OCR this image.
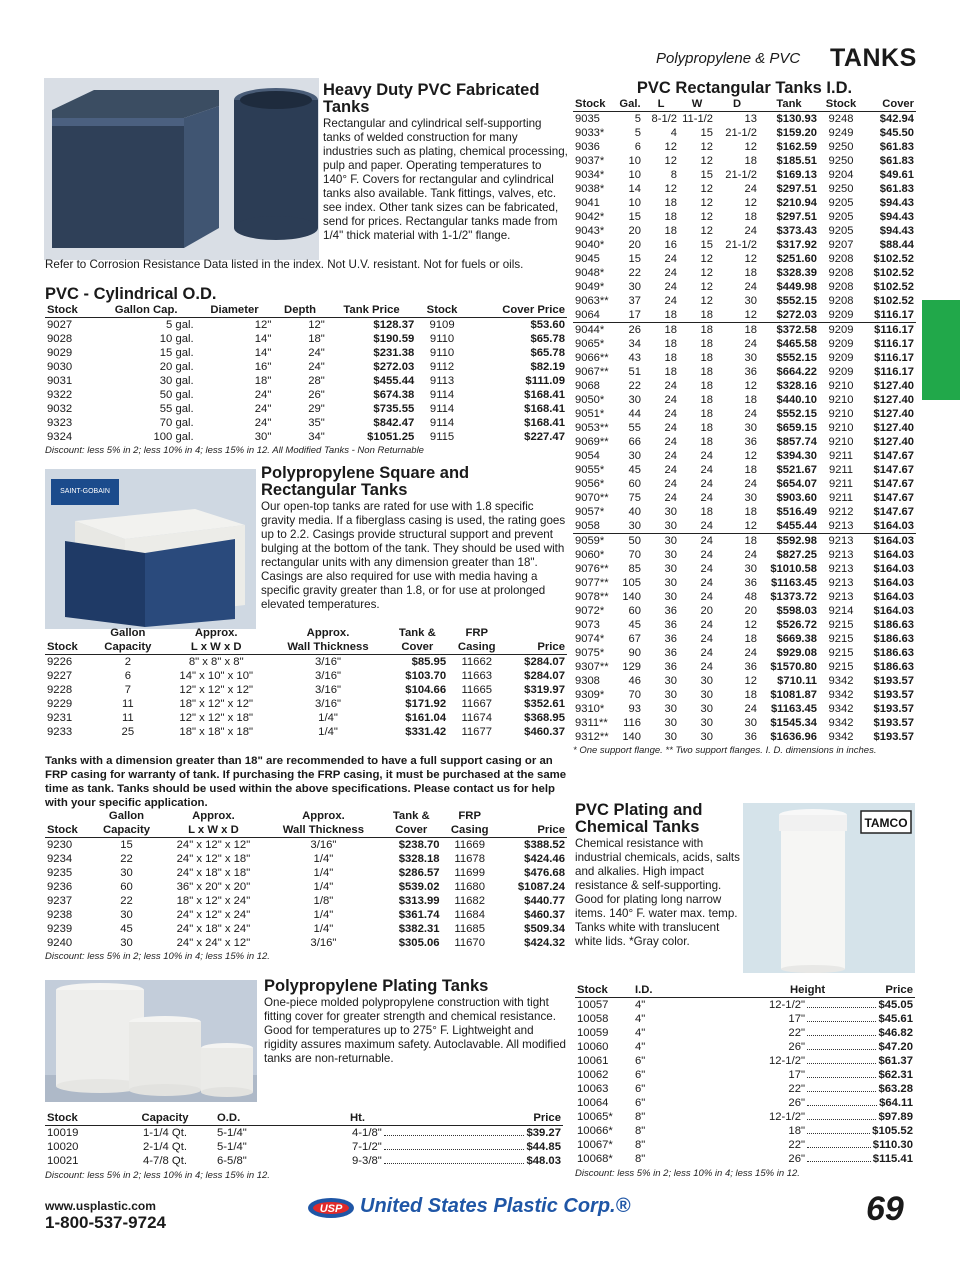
Polypropylene & PVC TANKS
Heavy Duty PVC Fabricated Tanks
Rectangular and cylindrical self-supporting tanks of welded construction for many industries such as plating, chemical processing, pulp and paper. Operating temperatures to 140° F. Covers for rectangular and cylindrical tanks also available. Tank fittings, valves, etc. see index. Other tank sizes can be fabricated, send for prices. Rectangular tanks made from 1/4" thick material with 1-1/2" flange.
Refer to Corrosion Resistance Data listed in the index. Not U.V. resistant. Not for fuels or oils.
PVC - Cylindrical O.D.
Stock	Gallon Cap.	Diameter	Depth	Tank Price	Stock	Cover Price
9027	5 gal.	12"	12"	$128.37	9109	$53.60
9028	10 gal.	14"	18"	$190.59	9110	$65.78
9029	15 gal.	14"	24"	$231.38	9110	$65.78
9030	20 gal.	16"	24"	$272.03	9112	$82.19
9031	30 gal.	18"	28"	$455.44	9113	$111.09
9322	50 gal.	24"	26"	$674.38	9114	$168.41
9032	55 gal.	24"	29"	$735.55	9114	$168.41
9323	70 gal.	24"	35"	$842.47	9114	$168.41
9324	100 gal.	30"	34"	$1051.25	9115	$227.47
Discount: less 5% in 2; less 10% in 4; less 15% in 12. All Modified Tanks - Non Returnable
SAINT-GOBAIN
Polypropylene Square and Rectangular Tanks
Our open-top tanks are rated for use with 1.8 specific gravity media. If a fiberglass casing is used, the rating goes up to 2.2. Casings provide structural support and prevent bulging at the bottom of the tank. They should be used with rectangular units with any dimension greater than 18". Casings are also required for use with media having a specific gravity greater than 1.8, or for use at prolonged elevated temperatures.
	Gallon	Approx.	Approx.	Tank &	FRP	
Stock	Capacity	L x W x D	Wall Thickness	Cover	Casing	Price
9226	2	8" x 8" x 8"	3/16"	$85.95	11662	$284.07
9227	6	14" x 10" x 10"	3/16"	$103.70	11663	$284.07
9228	7	12" x 12" x 12"	3/16"	$104.66	11665	$319.97
9229	11	18" x 12" x 12"	3/16"	$171.92	11667	$352.61
9231	11	12" x 12" x 18"	1/4"	$161.04	11674	$368.95
9233	25	18" x 18" x 18"	1/4"	$331.42	11677	$460.37
Tanks with a dimension greater than 18" are recommended to have a full support casing or an FRP casing for warranty of tank. If purchasing the FRP casing, it must be purchased at the same time as tank. Tanks should be used within the above specifications. Please contact us for help with your specific application.
	Gallon	Approx.	Approx.	Tank &	FRP	
Stock	Capacity	L x W x D	Wall Thickness	Cover	Casing	Price
9230	15	24" x 12" x 12"	3/16"	$238.70	11669	$388.52
9234	22	24" x 12" x 18"	1/4"	$328.18	11678	$424.46
9235	30	24" x 18" x 18"	1/4"	$286.57	11699	$476.68
9236	60	36" x 20" x 20"	1/4"	$539.02	11680	$1087.24
9237	22	18" x 12" x 24"	1/8"	$313.99	11682	$440.77
9238	30	24" x 12" x 24"	1/4"	$361.74	11684	$460.37
9239	45	24" x 18" x 24"	1/4"	$382.31	11685	$509.34
9240	30	24" x 24" x 12"	3/16"	$305.06	11670	$424.32
Discount: less 5% in 2; less 10% in 4; less 15% in 12.
Polypropylene Plating Tanks
One-piece molded polypropylene construction with tight fitting cover for greater strength and chemical resistance. Good for temperatures up to 275° F. Lightweight and rigidity assures maximum safety. Autoclavable. All modified tanks are non-returnable.
Stock	Capacity	O.D.	Ht.	Price
10019	1-1/4 Qt.	5-1/4"	4-1/8" $39.27	

10020	2-1/4 Qt.	5-1/4"	7-1/2" $44.85	

10021	4-7/8 Qt.	6-5/8"	9-3/8" $48.03	
Discount: less 5% in 2; less 10% in 4; less 15% in 12.
PVC Rectangular Tanks I.D.
Stock	Gal.	L	W	D	Tank	Stock	Cover
9035	5	8-1/2	11-1/2	13	$130.93	9248	$42.94
9033*	5	4	15	21-1/2	$159.20	9249	$45.50
9036	6	12	12	12	$162.59	9250	$61.83
9037*	10	12	12	18	$185.51	9250	$61.83
9034*	10	8	15	21-1/2	$169.13	9204	$49.61
9038*	14	12	12	24	$297.51	9250	$61.83
9041	10	18	12	12	$210.94	9205	$94.43
9042*	15	18	12	18	$297.51	9205	$94.43
9043*	20	18	12	24	$373.43	9205	$94.43
9040*	20	16	15	21-1/2	$317.92	9207	$88.44
9045	15	24	12	12	$251.60	9208	$102.52
9048*	22	24	12	18	$328.39	9208	$102.52
9049*	30	24	12	24	$449.98	9208	$102.52
9063**	37	24	12	30	$552.15	9208	$102.52
9064	17	18	18	12	$272.03	9209	$116.17
9044*	26	18	18	18	$372.58	9209	$116.17
9065*	34	18	18	24	$465.58	9209	$116.17
9066**	43	18	18	30	$552.15	9209	$116.17
9067**	51	18	18	36	$664.22	9209	$116.17
9068	22	24	18	12	$328.16	9210	$127.40
9050*	30	24	18	18	$440.10	9210	$127.40
9051*	44	24	18	24	$552.15	9210	$127.40
9053**	55	24	18	30	$659.15	9210	$127.40
9069**	66	24	18	36	$857.74	9210	$127.40
9054	30	24	24	12	$394.30	9211	$147.67
9055*	45	24	24	18	$521.67	9211	$147.67
9056*	60	24	24	24	$654.07	9211	$147.67
9070**	75	24	24	30	$903.60	9211	$147.67
9057*	40	30	18	18	$516.49	9212	$147.67
9058	30	30	24	12	$455.44	9213	$164.03
9059*	50	30	24	18	$592.98	9213	$164.03
9060*	70	30	24	24	$827.25	9213	$164.03
9076**	85	30	24	30	$1010.58	9213	$164.03
9077**	105	30	24	36	$1163.45	9213	$164.03
9078**	140	30	24	48	$1373.72	9213	$164.03
9072*	60	36	20	20	$598.03	9214	$164.03
9073	45	36	24	12	$526.72	9215	$186.63
9074*	67	36	24	18	$669.38	9215	$186.63
9075*	90	36	24	24	$929.08	9215	$186.63
9307**	129	36	24	36	$1570.80	9215	$186.63
9308	46	30	30	12	$710.11	9342	$193.57
9309*	70	30	30	18	$1081.87	9342	$193.57
9310*	93	30	30	24	$1163.45	9342	$193.57
9311**	116	30	30	30	$1545.34	9342	$193.57
9312**	140	30	30	36	$1636.96	9342	$193.57
* One support flange. ** Two support flanges. I. D. dimensions in inches.
PVC Plating and Chemical Tanks
Chemical resistance with industrial chemicals, acids, salts and alkalies. High impact resistance & self-supporting. Good for plating long narrow items. 140° F. water max. temp. Tanks white with translucent white lids. *Gray color.
TAMCO
Stock	I.D.	Height Price

10057	4"	12-1/2" $45.05

10058	4"	17" $45.61

10059	4"	22" $46.82

10060	4"	26" $47.20

10061	6"	12-1/2" $61.37

10062	6"	17" $62.31

10063	6"	22" $63.28

10064	6"	26" $64.11

10065*	8"	12-1/2" $97.89

10066*	8"	18" $105.52

10067*	8"	22" $110.30

10068*	8"	26" $115.41
Discount: less 5% in 2; less 10% in 4; less 15% in 12.
www.usplastic.com
1-800-537-9724
USP United States Plastic Corp.®	69
